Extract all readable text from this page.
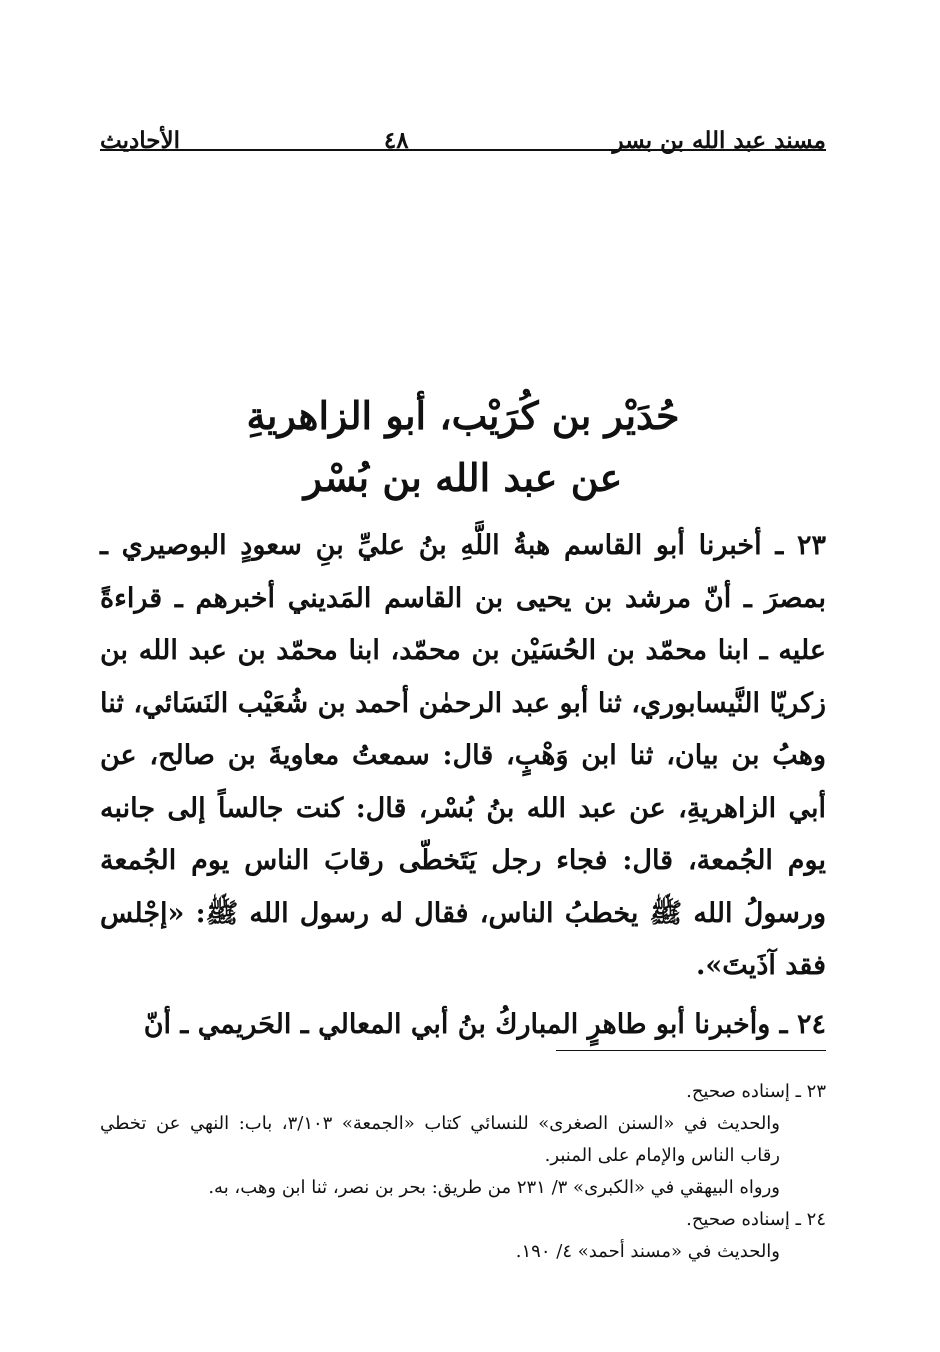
مسند عبد الله بن بسر
٤٨
الأحاديث

حُدَيْر بن كُرَيْب، أبو الزاهريةِ

عن عبد الله بن بُسْر

٢٣ ـ أخبرنا أبو القاسم هبةُ اللَّهِ بنُ عليِّ بنِ سعودٍ البوصيري ـ بمصرَ ـ أنّ مرشد بن يحيى بن القاسم المَديني أخبرهم ـ قراءةً عليه ـ ابنا محمّد بن الحُسَيْن بن محمّد، ابنا محمّد بن عبد الله بن زكريّا النَّيسابوري، ثنا أبو عبد الرحمٰن أحمد بن شُعَيْب النَسَائي، ثنا وهبُ بن بيان، ثنا ابن وَهْبٍ، قال: سمعتُ معاويةَ بن صالح، عن أبي الزاهريةِ، عن عبد الله بنُ بُسْر، قال: كنت جالساً إلى جانبه يوم الجُمعة، قال: فجاء رجل يَتَخطّى رقابَ الناس يوم الجُمعة ورسولُ الله ﷺ يخطبُ الناس، فقال له رسول الله ﷺ: «إجْلس فقد آذَيتَ».

٢٤ ـ وأخبرنا أبو طاهرٍ المباركُ بنُ أبي المعالي ـ الحَريمي ـ أنّ

٢٣ ـ إسناده صحيح.

والحديث في «السنن الصغرى» للنسائي كتاب «الجمعة» ٣/١٠٣، باب: النهي عن تخطي رقاب الناس والإمام على المنبر.

ورواه البيهقي في «الكبرى» ٣/ ٢٣١ من طريق: بحر بن نصر، ثنا ابن وهب، به.

٢٤ ـ إسناده صحيح.

والحديث في «مسند أحمد» ٤/ ١٩٠.
